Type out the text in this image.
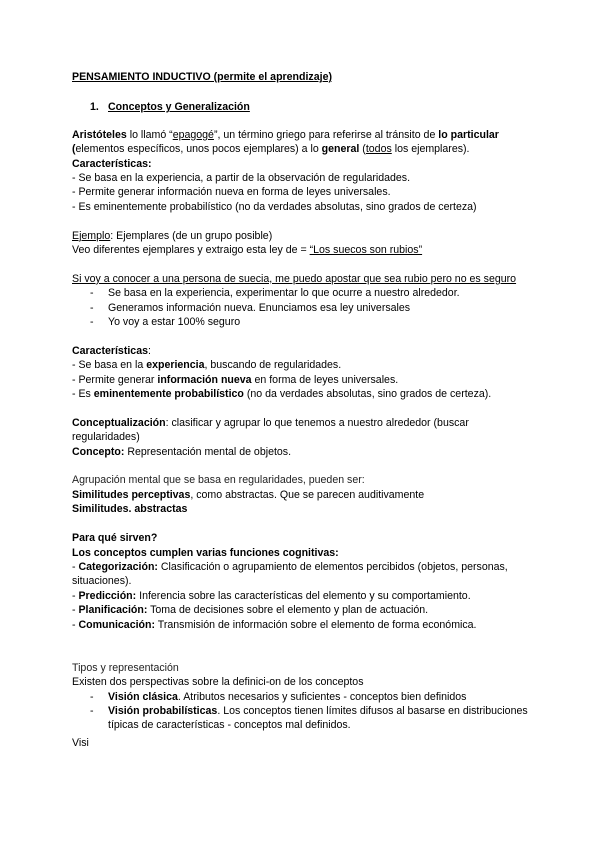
PENSAMIENTO INDUCTIVO (permite el aprendizaje)

1. Conceptos y Generalización

Aristóteles lo llamó “epagogé”, un término griego para referirse al tránsito de lo particular (elementos específicos, unos pocos ejemplares) a lo general (todos los ejemplares).

Características:

- Se basa en la experiencia, a partir de la observación de regularidades.

- Permite generar información nueva en forma de leyes universales.

- Es eminentemente probabilístico (no da verdades absolutas, sino grados de certeza)

Ejemplo: Ejemplares (de un grupo posible)

Veo diferentes ejemplares y extraigo esta ley de = “Los suecos son rubios”

Si voy a conocer a una persona de suecia, me puedo apostar que sea rubio pero no es seguro

- Se basa en la experiencia, experimentar lo que ocurre a nuestro alrededor.
- Generamos información nueva. Enunciamos esa ley universales
- Yo voy a estar 100% seguro

Características:

- Se basa en la experiencia, buscando de regularidades.

- Permite generar información nueva en forma de leyes universales.

- Es eminentemente probabilístico (no da verdades absolutas, sino grados de certeza).

Conceptualización: clasificar y agrupar lo que tenemos a nuestro alrededor (buscar regularidades)

Concepto: Representación mental de objetos.

Agrupación mental que se basa en regularidades, pueden ser:

Similitudes perceptivas, como abstractas. Que se parecen auditivamente

Similitudes. abstractas

Para qué sirven?

Los conceptos cumplen varias funciones cognitivas:

- Categorización: Clasificación o agrupamiento de elementos percibidos (objetos, personas, situaciones).

- Predicción: Inferencia sobre las características del elemento y su comportamiento.

- Planificación: Toma de decisiones sobre el elemento y plan de actuación.

- Comunicación: Transmisión de información sobre el elemento de forma económica.

Tipos y representación

Existen dos perspectivas sobre la definici-on de los conceptos

- Visión clásica. Atributos necesarios y suficientes - conceptos bien definidos
- Visión probabilísticas. Los conceptos tienen límites difusos al basarse en distribuciones típicas de características - conceptos mal definidos.

Visi
